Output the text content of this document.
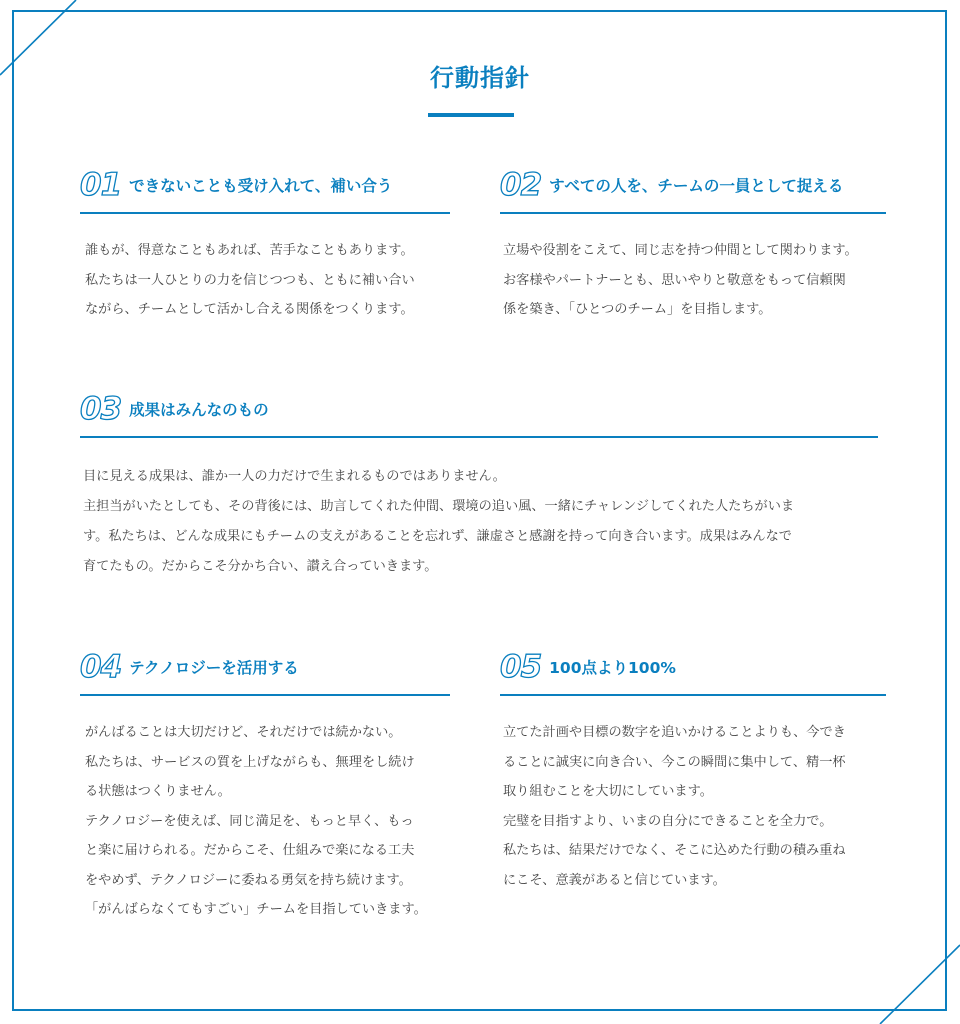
行動指針
01 できないことも受け入れて、補い合う
誰もが、得意なこともあれば、苦手なこともあります。
私たちは一人ひとりの力を信じつつも、ともに補い合い
ながら、チームとして活かし合える関係をつくります。
02 すべての人を、チームの一員として捉える
立場や役割をこえて、同じ志を持つ仲間として関わります。
お客様やパートナーとも、思いやりと敬意をもって信頼関
係を築き、「ひとつのチーム」を目指します。
03 成果はみんなのもの
目に見える成果は、誰か一人の力だけで生まれるものではありません。
主担当がいたとしても、その背後には、助言してくれた仲間、環境の追い風、一緒にチャレンジしてくれた人たちがいま
す。私たちは、どんな成果にもチームの支えがあることを忘れず、謙虚さと感謝を持って向き合います。成果はみんなで
育てたもの。だからこそ分かち合い、讃え合っていきます。
04 テクノロジーを活用する
がんばることは大切だけど、それだけでは続かない。
私たちは、サービスの質を上げながらも、無理をし続け
る状態はつくりません。
テクノロジーを使えば、同じ満足を、もっと早く、もっ
と楽に届けられる。だからこそ、仕組みで楽になる工夫
をやめず、テクノロジーに委ねる勇気を持ち続けます。
「がんばらなくてもすごい」チームを目指していきます。
05 100点より100%
立てた計画や目標の数字を追いかけることよりも、今でき
ることに誠実に向き合い、今この瞬間に集中して、精一杯
取り組むことを大切にしています。
完璧を目指すより、いまの自分にできることを全力で。
私たちは、結果だけでなく、そこに込めた行動の積み重ね
にこそ、意義があると信じています。
